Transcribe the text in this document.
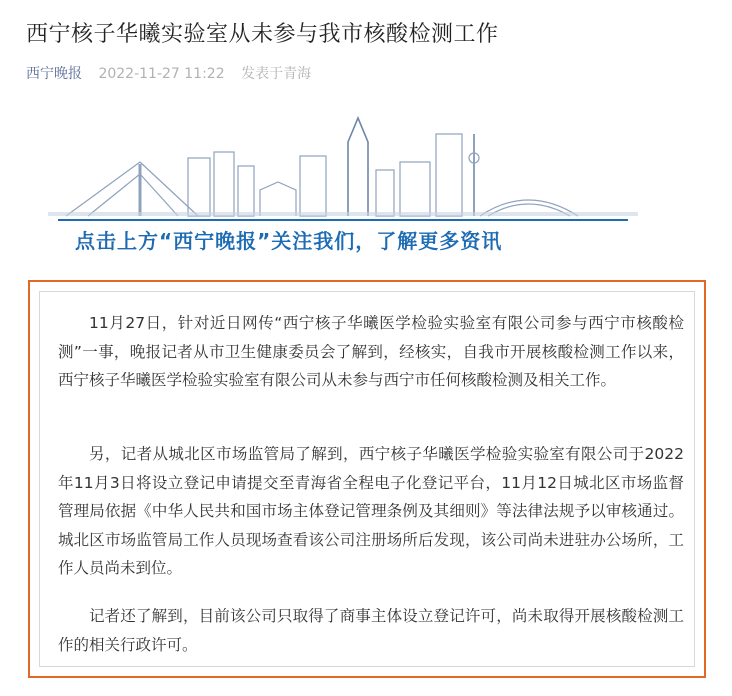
西宁核子华曦实验室从未参与我市核酸检测工作
西宁晚报 2022-11-27 11:22 发表于青海
点击上方“西宁晚报”关注我们，了解更多资讯

11月27日，针对近日网传“西宁核子华曦医学检验实验室有限公司参与西宁市核酸检测”一事，晚报记者从市卫生健康委员会了解到，经核实，自我市开展核酸检测工作以来，西宁核子华曦医学检验实验室有限公司从未参与西宁市任何核酸检测及相关工作。

另，记者从城北区市场监管局了解到，西宁核子华曦医学检验实验室有限公司于2022年11月3日将设立登记申请提交至青海省全程电子化登记平台，11月12日城北区市场监督管理局依据《中华人民共和国市场主体登记管理条例及其细则》等法律法规予以审核通过。城北区市场监管局工作人员现场查看该公司注册场所后发现，该公司尚未进驻办公场所，工作人员尚未到位。

记者还了解到，目前该公司只取得了商事主体设立登记许可，尚未取得开展核酸检测工作的相关行政许可。
